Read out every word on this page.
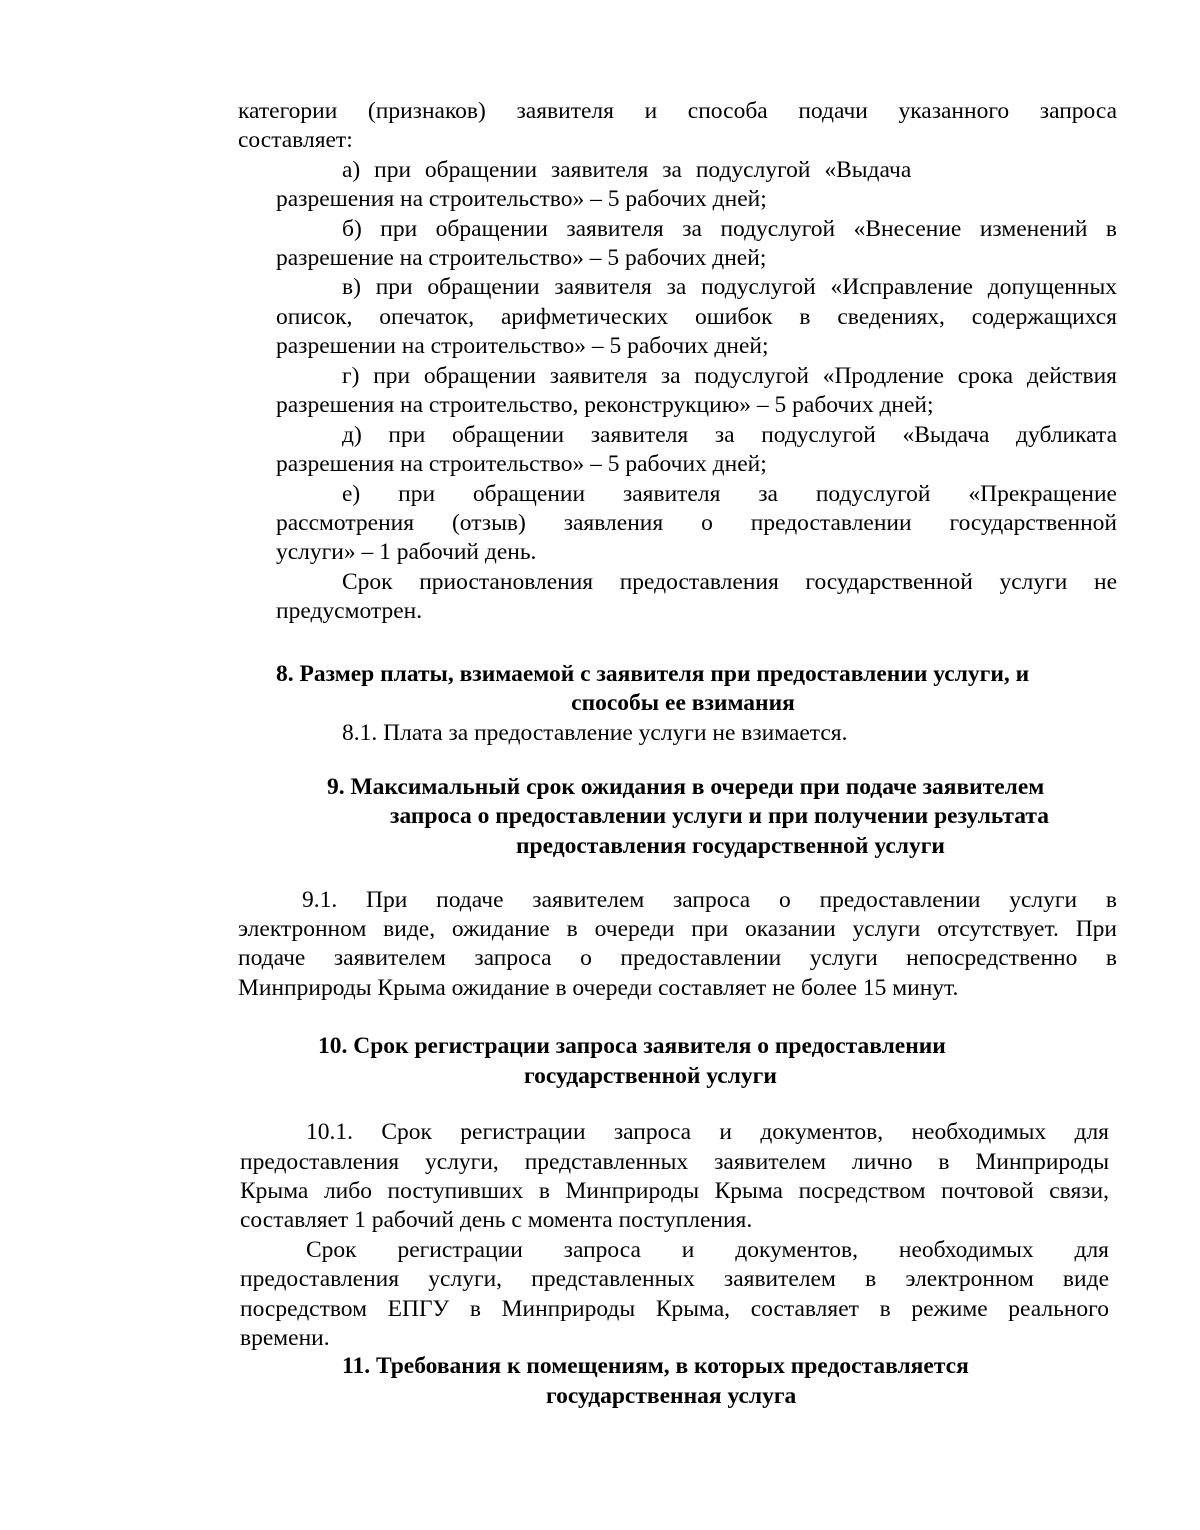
категории (признаков) заявителя и способа подачи указанного запроса

составляет:

а) при обращении заявителя за подуслугой «Выдача

разрешения на строительство» – 5 рабочих дней;

б) при обращении заявителя за подуслугой «Внесение изменений в

разрешение на строительство» – 5 рабочих дней;

в) при обращении заявителя за подуслугой «Исправление допущенных

описок, опечаток, арифметических ошибок в сведениях, содержащихся

разрешении на строительство» – 5 рабочих дней;

г) при обращении заявителя за подуслугой «Продление срока действия

разрешения на строительство, реконструкцию» – 5 рабочих дней;

д) при обращении заявителя за подуслугой «Выдача дубликата

разрешения на строительство» – 5 рабочих дней;

е) при обращении заявителя за подуслугой «Прекращение

рассмотрения (отзыв) заявления о предоставлении государственной

услуги» – 1 рабочий день.

Срок приостановления предоставления государственной услуги не

предусмотрен.

8. Размер платы, взимаемой с заявителя при предоставлении услуги, и

способы ее взимания

8.1. Плата за предоставление услуги не взимается.

9. Максимальный срок ожидания в очереди при подаче заявителем

запроса о предоставлении услуги и при получении результата

предоставления государственной услуги

9.1. При подаче заявителем запроса о предоставлении услуги в

электронном виде, ожидание в очереди при оказании услуги отсутствует. При

подаче заявителем запроса о предоставлении услуги непосредственно в

Минприроды Крыма ожидание в очереди составляет не более 15 минут.

10. Срок регистрации запроса заявителя о предоставлении

государственной услуги

10.1. Срок регистрации запроса и документов, необходимых для

предоставления услуги, представленных заявителем лично в Минприроды

Крыма либо поступивших в Минприроды Крыма посредством почтовой связи,

составляет 1 рабочий день с момента поступления.

Срок регистрации запроса и документов, необходимых для

предоставления услуги, представленных заявителем в электронном виде

посредством ЕПГУ в Минприроды Крыма, составляет в режиме реального

времени.

11. Требования к помещениям, в которых предоставляется

государственная услуга
